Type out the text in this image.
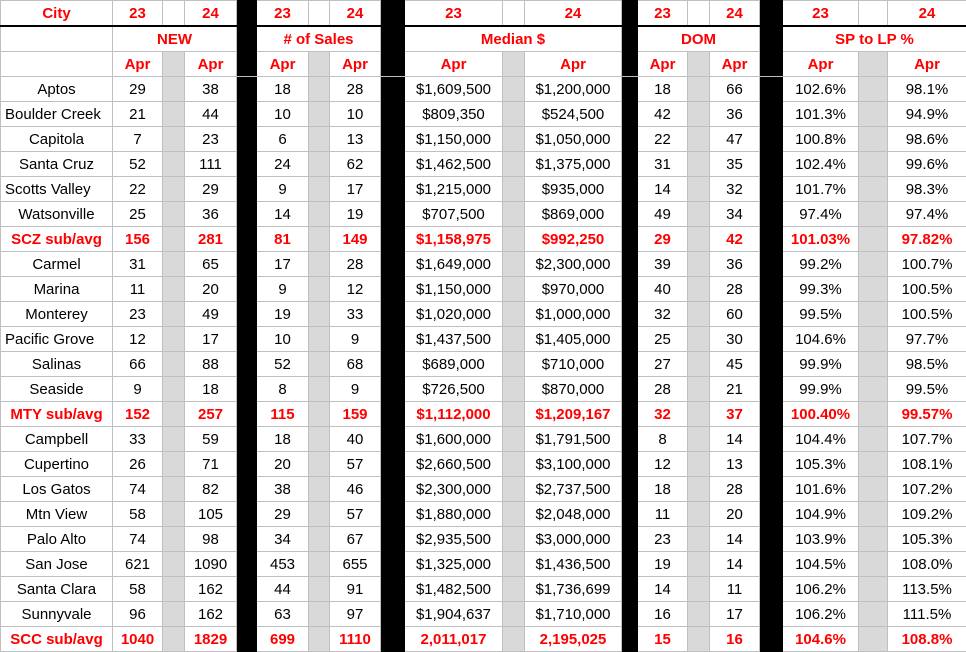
City	23		24		23		24		23		24		23		24		23		24
	NEW				# of Sales				Median $				DOM				SP to LP %		
	Apr		Apr		Apr		Apr		Apr		Apr		Apr		Apr		Apr		Apr
Aptos	29		38		18		28		$1,609,500		$1,200,000		18		66		102.6%		98.1%
Boulder Creek	21		44		10		10		$809,350		$524,500		42		36		101.3%		94.9%
Capitola	7		23		6		13		$1,150,000		$1,050,000		22		47		100.8%		98.6%
Santa Cruz	52		111		24		62		$1,462,500		$1,375,000		31		35		102.4%		99.6%
Scotts Valley	22		29		9		17		$1,215,000		$935,000		14		32		101.7%		98.3%
Watsonville	25		36		14		19		$707,500		$869,000		49		34		97.4%		97.4%
SCZ sub/avg	156		281		81		149		$1,158,975		$992,250		29		42		101.03%		97.82%
Carmel	31		65		17		28		$1,649,000		$2,300,000		39		36		99.2%		100.7%
Marina	11		20		9		12		$1,150,000		$970,000		40		28		99.3%		100.5%
Monterey	23		49		19		33		$1,020,000		$1,000,000		32		60		99.5%		100.5%
Pacific Grove	12		17		10		9		$1,437,500		$1,405,000		25		30		104.6%		97.7%
Salinas	66		88		52		68		$689,000		$710,000		27		45		99.9%		98.5%
Seaside	9		18		8		9		$726,500		$870,000		28		21		99.9%		99.5%
MTY sub/avg	152		257		115		159		$1,112,000		$1,209,167		32		37		100.40%		99.57%
Campbell	33		59		18		40		$1,600,000		$1,791,500		8		14		104.4%		107.7%
Cupertino	26		71		20		57		$2,660,500		$3,100,000		12		13		105.3%		108.1%
Los Gatos	74		82		38		46		$2,300,000		$2,737,500		18		28		101.6%		107.2%
Mtn View	58		105		29		57		$1,880,000		$2,048,000		11		20		104.9%		109.2%
Palo Alto	74		98		34		67		$2,935,500		$3,000,000		23		14		103.9%		105.3%
San Jose	621		1090		453		655		$1,325,000		$1,436,500		19		14		104.5%		108.0%
Santa Clara	58		162		44		91		$1,482,500		$1,736,699		14		11		106.2%		113.5%
Sunnyvale	96		162		63		97		$1,904,637		$1,710,000		16		17		106.2%		111.5%
SCC sub/avg	1040		1829		699		1110		2,011,017		2,195,025		15		16		104.6%		108.8%
